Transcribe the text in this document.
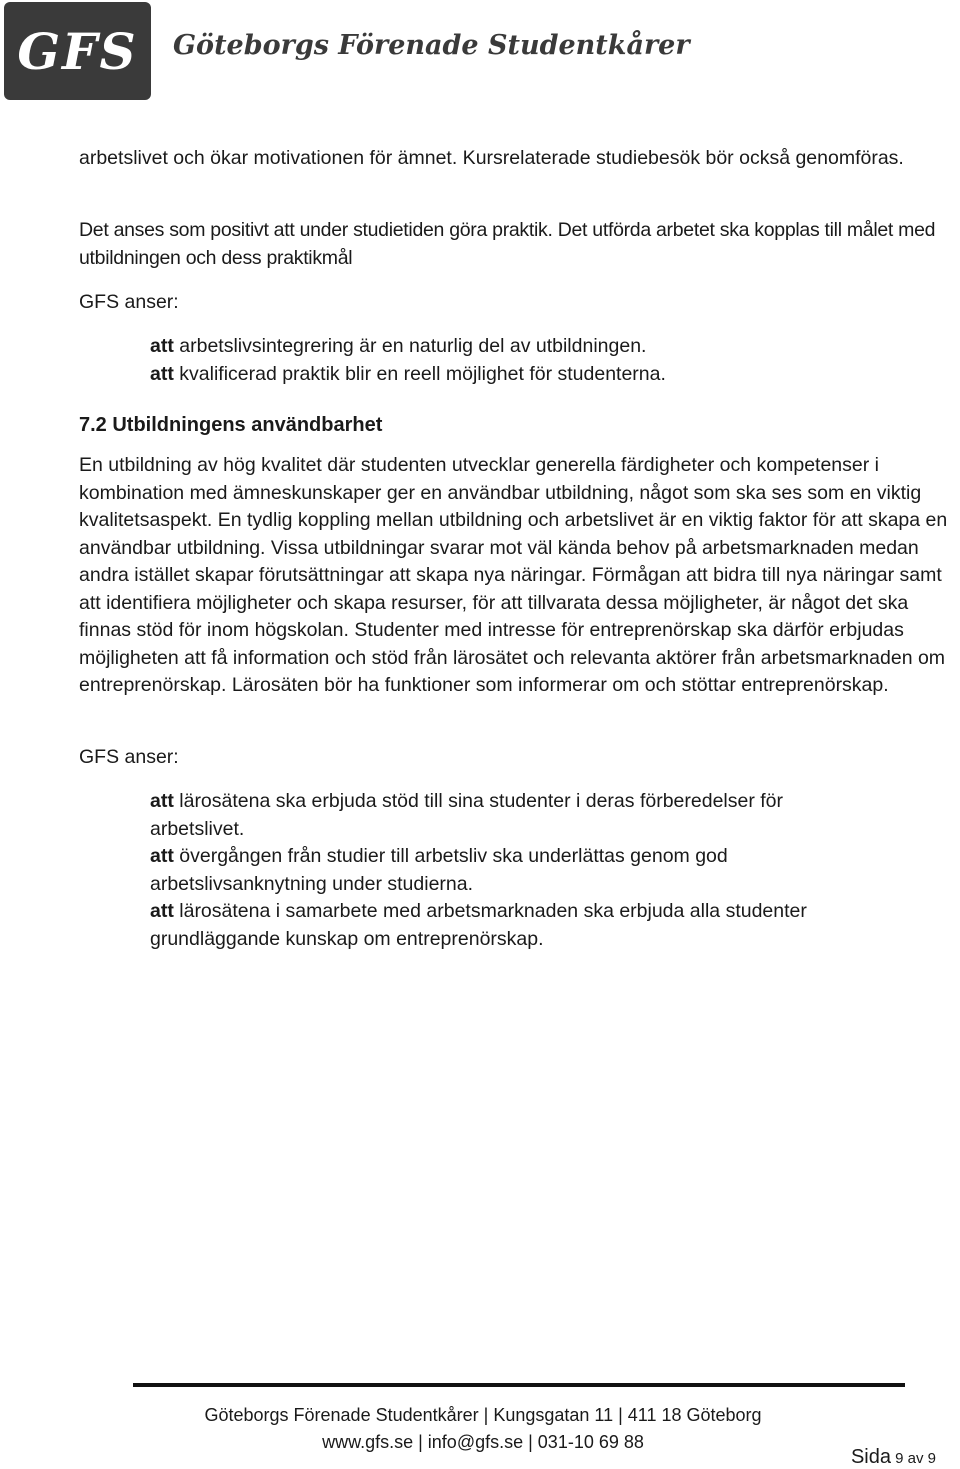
GFS Göteborgs Förenade Studentkårer

arbetslivet och ökar motivationen för ämnet. Kursrelaterade studiebesök bör också genomföras.

Det anses som positivt att under studietiden göra praktik. Det utförda arbetet ska kopplas till målet med utbildningen och dess praktikmål

GFS anser:

att arbetslivsintegrering är en naturlig del av utbildningen.
att kvalificerad praktik blir en reell möjlighet för studenterna.
7.2 Utbildningens användbarhet

En utbildning av hög kvalitet där studenten utvecklar generella färdigheter och kompetenser i kombination med ämneskunskaper ger en användbar utbildning, något som ska ses som en viktig kvalitetsaspekt. En tydlig koppling mellan utbildning och arbetslivet är en viktig faktor för att skapa en användbar utbildning. Vissa utbildningar svarar mot väl kända behov på arbetsmarknaden medan andra istället skapar förutsättningar att skapa nya näringar. Förmågan att bidra till nya näringar samt att identifiera möjligheter och skapa resurser, för att tillvarata dessa möjligheter, är något det ska finnas stöd för inom högskolan. Studenter med intresse för entreprenörskap ska därför erbjudas möjligheten att få information och stöd från lärosätet och relevanta aktörer från arbetsmarknaden om entreprenörskap. Lärosäten bör ha funktioner som informerar om och stöttar entreprenörskap.

GFS anser:

att lärosätena ska erbjuda stöd till sina studenter i deras förberedelser för arbetslivet.
att övergången från studier till arbetsliv ska underlättas genom god arbetslivsanknytning under studierna.
att lärosätena i samarbete med arbetsmarknaden ska erbjuda alla studenter grundläggande kunskap om entreprenörskap.
Göteborgs Förenade Studentkårer | Kungsgatan 11 | 411 18 Göteborg
www.gfs.se | info@gfs.se | 031-10 69 88
Sida 9 av 9
